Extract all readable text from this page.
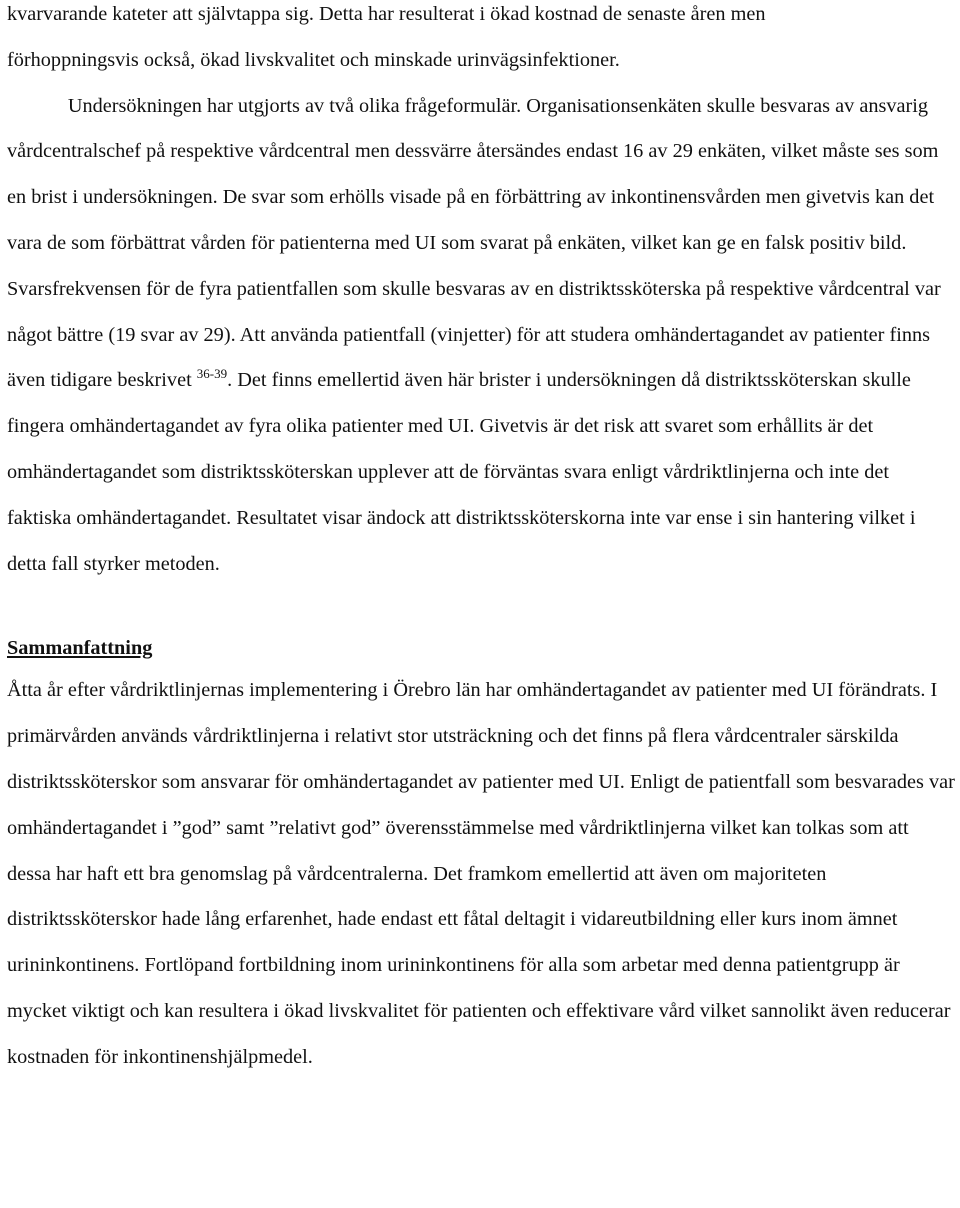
kvarvarande kateter att självtappa sig. Detta har resulterat i ökad kostnad de senaste åren men
förhoppningsvis också, ökad livskvalitet och minskade urinvägsinfektioner.

Undersökningen har utgjorts av två olika frågeformulär. Organisationsenkäten skulle besvaras av ansvarig vårdcentralschef på respektive vårdcentral men dessvärre återsändes endast 16 av 29 enkäten, vilket måste ses som en brist i undersökningen. De svar som erhölls visade på en förbättring av inkontinensvården men givetvis kan det vara de som förbättrat vården för patienterna med UI som svarat på enkäten, vilket kan ge en falsk positiv bild. Svarsfrekvensen för de fyra patientfallen som skulle besvaras av en distriktssköterska på respektive vårdcentral var något bättre (19 svar av 29). Att använda patientfall (vinjetter) för att studera omhändertagandet av patienter finns även tidigare beskrivet $^{36-39}$. Det finns emellertid även här brister i undersökningen då distriktssköterskan skulle fingera omhändertagandet av fyra olika patienter med UI. Givetvis är det risk att svaret som erhållits är det omhändertagandet som distriktssköterskan upplever att de förväntas svara enligt vårdriktlinjerna och inte det faktiska omhändertagandet. Resultatet visar ändock att distriktssköterskorna inte var ense i sin hantering vilket i detta fall styrker metoden.

Sammanfattning

Åtta år efter vårdriktlinjernas implementering i Örebro län har omhändertagandet av patienter med UI förändrats. I primärvården används vårdriktlinjerna i relativt stor utsträckning och det finns på flera vårdcentraler särskilda distriktssköterskor som ansvarar för omhändertagandet av patienter med UI. Enligt de patientfall som besvarades var omhändertagandet i ”god” samt ”relativt god” överensstämmelse med vårdriktlinjerna vilket kan tolkas som att dessa har haft ett bra genomslag på vårdcentralerna. Det framkom emellertid att även om majoriteten distriktssköterskor hade lång erfarenhet, hade endast ett fåtal deltagit i vidareutbildning eller kurs inom ämnet urininkontinens. Fortlöpand fortbildning inom urininkontinens för alla som arbetar med denna patientgrupp är mycket viktigt och kan resultera i ökad livskvalitet för patienten och effektivare vård vilket sannolikt även reducerar kostnaden för inkontinenshjälpmedel.
